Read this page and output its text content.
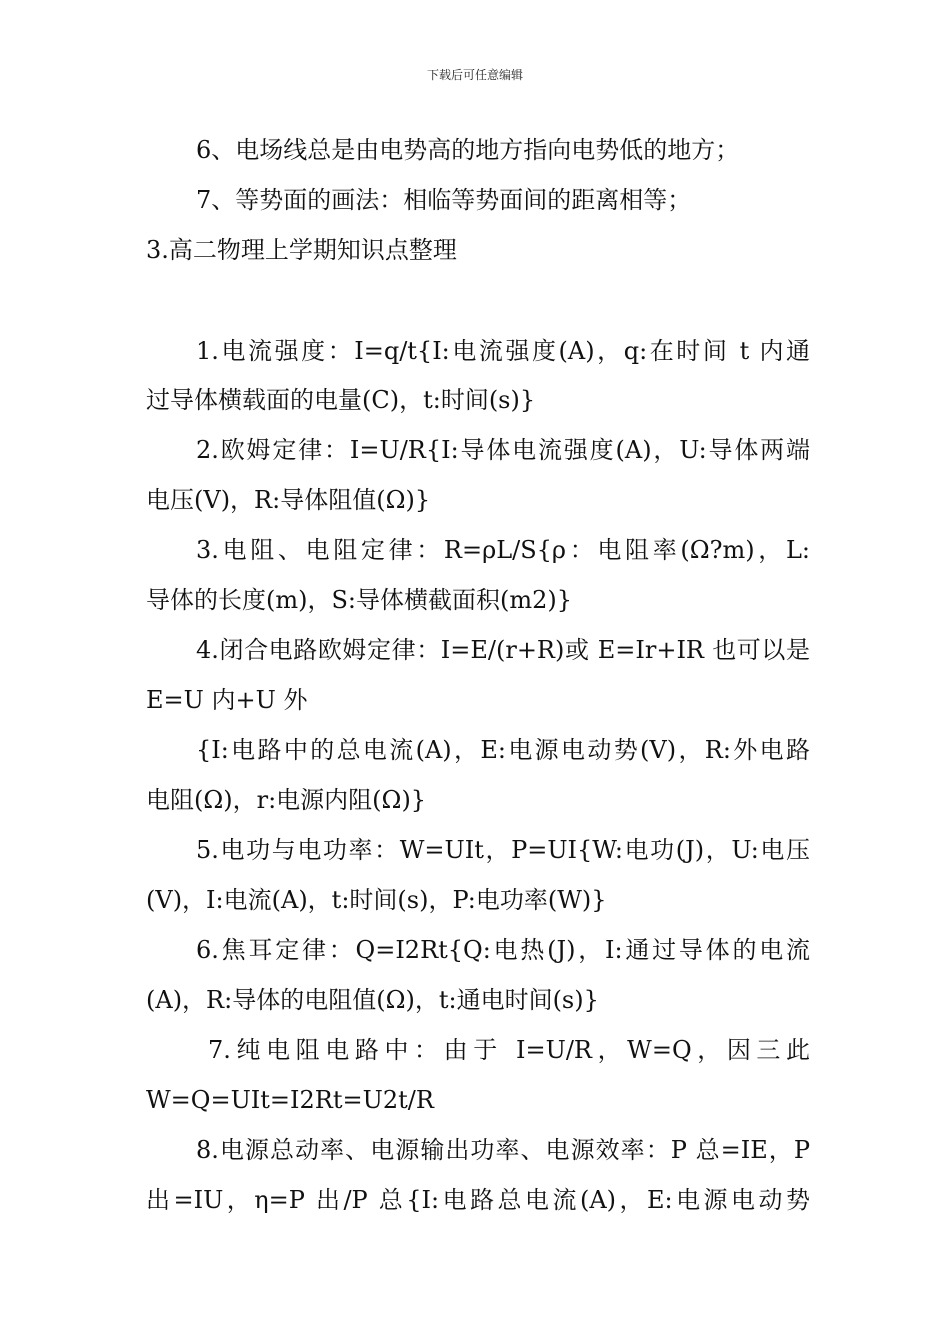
下载后可任意编辑
6、电场线总是由电势高的地方指向电势低的地方；
7、等势面的画法：相临等势面间的距离相等；
3.高二物理上学期知识点整理
1.电流强度：I=q/t{I:电流强度(A)，q:在时间 t 内通
过导体横载面的电量(C)，t:时间(s)}
2.欧姆定律：I=U/R{I:导体电流强度(A)，U:导体两端
电压(V)，R:导体阻值(Ω)}
3.电阻、电阻定律：R=ρL/S{ρ：电阻率(Ω?m)，L:
导体的长度(m)，S:导体横截面积(m2)}
4.闭合电路欧姆定律：I=E/(r+R)或 E=Ir+IR 也可以是
E=U 内+U 外
{I:电路中的总电流(A)，E:电源电动势(V)，R:外电路
电阻(Ω)，r:电源内阻(Ω)}
5.电功与电功率：W=UIt，P=UI{W:电功(J)，U:电压
(V)，I:电流(A)，t:时间(s)，P:电功率(W)}
6.焦耳定律：Q=I2Rt{Q:电热(J)，I:通过导体的电流
(A)，R:导体的电阻值(Ω)，t:通电时间(s)}
7.纯电阻电路中：由于 I=U/R，W=Q，因三此
W=Q=UIt=I2Rt=U2t/R
8.电源总动率、电源输出功率、电源效率：P 总=IE，P
出=IU，η=P 出/P 总{I:电路总电流(A)，E:电源电动势
